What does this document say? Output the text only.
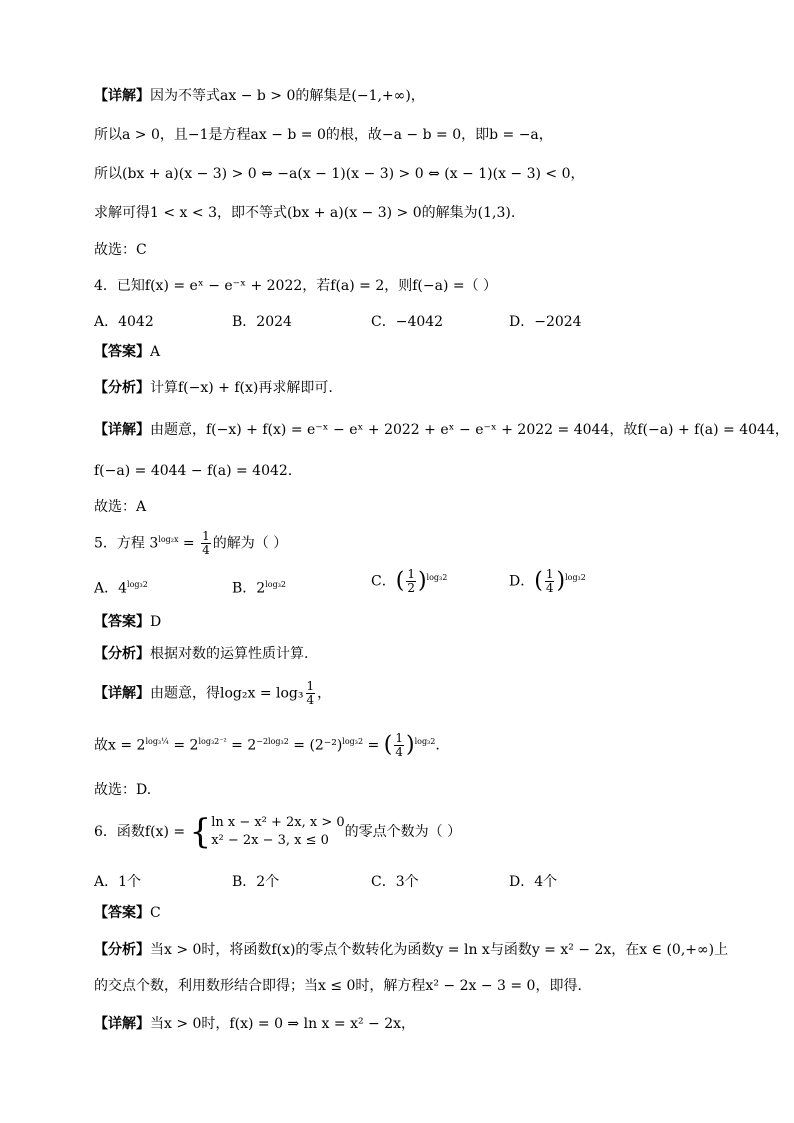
【详解】因为不等式ax − b > 0的解集是(−1,+∞)，
所以a > 0，且−1是方程ax − b = 0的根，故−a − b = 0，即b = −a，
所以(bx + a)(x − 3) > 0 ⇔ −a(x − 1)(x − 3) > 0 ⇔ (x − 1)(x − 3) < 0，
求解可得1 < x < 3，即不等式(bx + a)(x − 3) > 0的解集为(1,3).
故选：C
4．已知f(x) = eˣ − e⁻ˣ + 2022，若f(a) = 2，则f(−a) =（ ）
A．4042	B．2024	C．−4042	D．−2024
【答案】A
【分析】计算f(−x) + f(x)再求解即可.
【详解】由题意，f(−x) + f(x) = e⁻ˣ − eˣ + 2022 + eˣ − e⁻ˣ + 2022 = 4044，故f(−a) + f(a) = 4044，
f(−a) = 4044 − f(a) = 4042.
故选：A
5．方程 $3^{log_2x} = \frac{1}{4}$ 的解为（ ）
A．$4^{log_32}$	B．$2^{log_32}$	C．( $\frac{1}{2} )^{log_32}$	D．( $\frac{1}{4} )^{log_32}$
【答案】D
【分析】根据对数的运算性质计算.
【详解】由题意，得$\log_2x = \log_3 \frac{1}{4}$ ，
故$x = 2^{log_3\frac{1}{4}} = 2^{log_32^{-2}} = 2^{-2log_32} = (2^{-2})^{log_32}$ = ( $\frac{1}{4} )^{log_32}$.
故选：D.
6．函数f(x) = { ln x − x² + 2x, x > 0
x² − 2x − 3, x ≤ 0
的零点个数为（ ）
A．1个	B．2个	C．3个	D．4个
【答案】C
【分析】当x > 0时，将函数f(x)的零点个数转化为函数y = ln x与函数y = x² − 2x，在x ∈ (0,+∞)上
的交点个数，利用数形结合即得；当x ≤ 0时，解方程x² − 2x − 3 = 0，即得.
【详解】当x > 0时，f(x) = 0 ⇒ ln x = x² − 2x，
